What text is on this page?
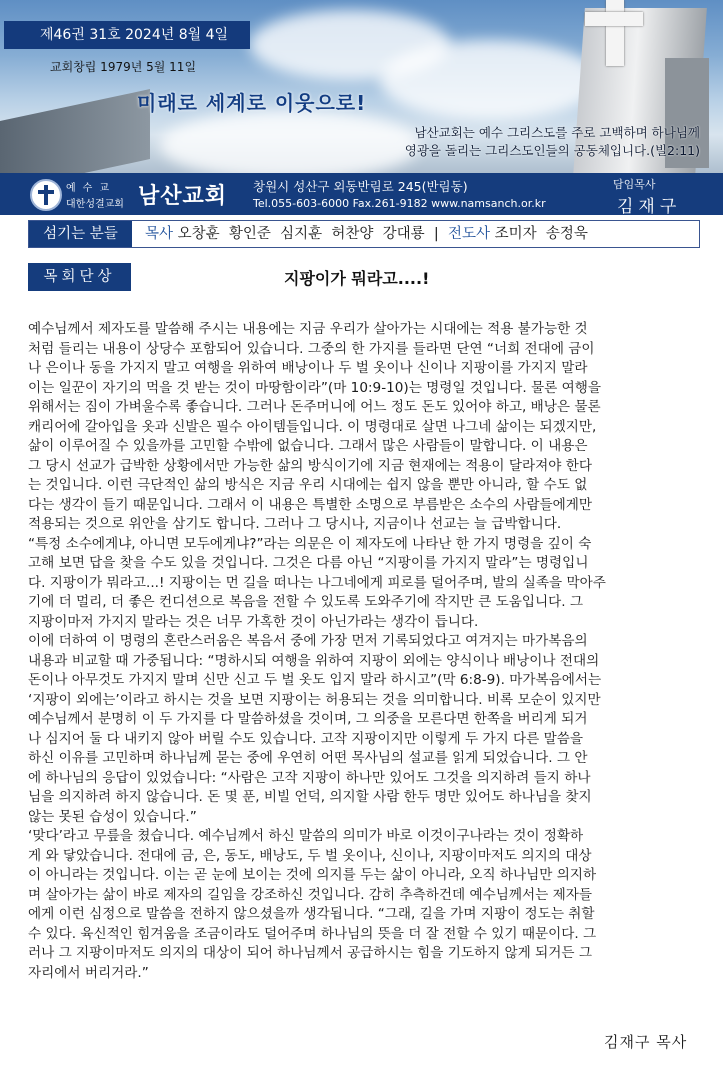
제46권 31호 2024년 8월 4일
교회창립 1979년 5월 11일
미래로 세계로 이웃으로!
남산교회는 예수 그리스도를 주로 고백하며 하나님께
영광을 돌리는 그리스도인들의 공동체입니다.(빌2:11)
예수교
대한성결교회 남산교회 창원시 성산구 외동반림로 245(반림동)
Tel.055-603-6000 Fax.261-9182 www.namsanch.or.kr
담임목사
김재구
섬기는 분들	목사 오창훈  황인준  심지훈  허찬양  강대룡  | 전도사 조미자  송정욱
목회단상	지팡이가 뭐라고....!
예수님께서 제자도를 말씀해 주시는 내용에는 지금 우리가 살아가는 시대에는 적용 불가능한 것
처럼 들리는 내용이 상당수 포함되어 있습니다. 그중의 한 가지를 들라면 단연 “너희 전대에 금이
나 은이나 동을 가지지 말고 여행을 위하여 배낭이나 두 벌 옷이나 신이나 지팡이를 가지지 말라
이는 일꾼이 자기의 먹을 것 받는 것이 마땅함이라”(마 10:9-10)는 명령일 것입니다. 물론 여행을
위해서는 짐이 가벼울수록 좋습니다. 그러나 돈주머니에 어느 정도 돈도 있어야 하고, 배낭은 물론
캐리어에 갈아입을 옷과 신발은 필수 아이템들입니다. 이 명령대로 살면 나그네 삶이는 되겠지만,
삶이 이루어질 수 있을까를 고민할 수밖에 없습니다. 그래서 많은 사람들이 말합니다. 이 내용은
그 당시 선교가 급박한 상황에서만 가능한 삶의 방식이기에 지금 현재에는 적용이 달라져야 한다
는 것입니다. 이런 극단적인 삶의 방식은 지금 우리 시대에는 쉽지 않을 뿐만 아니라, 할 수도 없
다는 생각이 들기 때문입니다. 그래서 이 내용은 특별한 소명으로 부름받은 소수의 사람들에게만
적용되는 것으로 위안을 삼기도 합니다. 그러나 그 당시나, 지금이나 선교는 늘 급박합니다.
“특정 소수에게냐, 아니면 모두에게냐?”라는 의문은 이 제자도에 나타난 한 가지 명령을 깊이 숙
고해 보면 답을 찾을 수도 있을 것입니다. 그것은 다름 아닌 “지팡이를 가지지 말라”는 명령입니
다. 지팡이가 뭐라고...! 지팡이는 먼 길을 떠나는 나그네에게 피로를 덜어주며, 발의 실족을 막아주
기에 더 멀리, 더 좋은 컨디션으로 복음을 전할 수 있도록 도와주기에 작지만 큰 도움입니다. 그
지팡이마저 가지지 말라는 것은 너무 가혹한 것이 아닌가라는 생각이 듭니다.
이에 더하여 이 명령의 혼란스러움은 복음서 중에 가장 먼저 기록되었다고 여겨지는 마가복음의
내용과 비교할 때 가중됩니다: “명하시되 여행을 위하여 지팡이 외에는 양식이나 배낭이나 전대의
돈이나 아무것도 가지지 말며 신만 신고 두 벌 옷도 입지 말라 하시고”(막 6:8-9). 마가복음에서는
‘지팡이 외에는’이라고 하시는 것을 보면 지팡이는 허용되는 것을 의미합니다. 비록 모순이 있지만
예수님께서 분명히 이 두 가지를 다 말씀하셨을 것이며, 그 의중을 모른다면 한쪽을 버리게 되거
나 심지어 둘 다 내키지 않아 버릴 수도 있습니다. 고작 지팡이지만 이렇게 두 가지 다른 말씀을
하신 이유를 고민하며 하나님께 묻는 중에 우연히 어떤 목사님의 설교를 읽게 되었습니다. 그 안
에 하나님의 응답이 있었습니다: “사람은 고작 지팡이 하나만 있어도 그것을 의지하려 들지 하나
님을 의지하려 하지 않습니다. 돈 몇 푼, 비빌 언덕, 의지할 사람 한두 명만 있어도 하나님을 찾지
않는 못된 습성이 있습니다.”
‘맞다’라고 무릎을 쳤습니다. 예수님께서 하신 말씀의 의미가 바로 이것이구나라는 것이 정확하
게 와 닿았습니다. 전대에 금, 은, 동도, 배낭도, 두 벌 옷이나, 신이나, 지팡이마저도 의지의 대상
이 아니라는 것입니다. 이는 곧 눈에 보이는 것에 의지를 두는 삶이 아니라, 오직 하나님만 의지하
며 살아가는 삶이 바로 제자의 길임을 강조하신 것입니다. 감히 추측하건데 예수님께서는 제자들
에게 이런 심정으로 말씀을 전하지 않으셨을까 생각됩니다. “그래, 길을 가며 지팡이 정도는 취할
수 있다. 육신적인 힘겨움을 조금이라도 덜어주며 하나님의 뜻을 더 잘 전할 수 있기 때문이다. 그
러나 그 지팡이마저도 의지의 대상이 되어 하나님께서 공급하시는 힘을 기도하지 않게 되거든 그
자리에서 버리거라.”
김재구 목사
